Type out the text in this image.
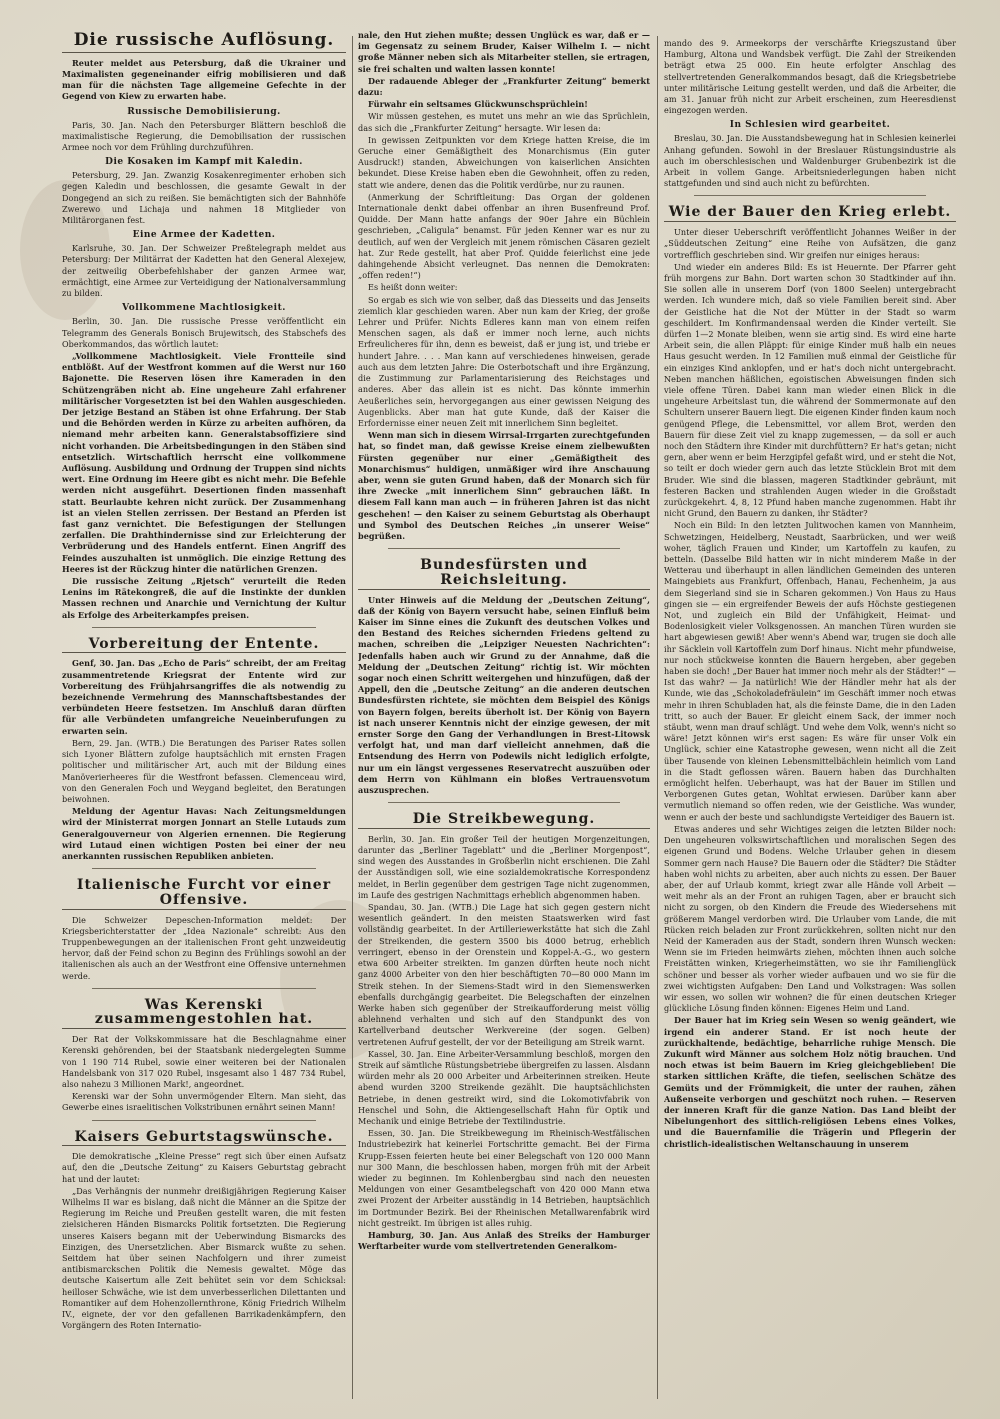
Die russische Auflösung.

Reuter meldet aus Petersburg, daß die Ukrainer und Maximalisten gegeneinander eifrig mobilisieren und daß man für die nächsten Tage allgemeine Gefechte in der Gegend von Kiew zu erwarten habe.

Russische Demobilisierung.

Paris, 30. Jan. Nach den Petersburger Blättern beschloß die maximalistische Regierung, die Demobilisation der russischen Armee noch vor dem Frühling durchzuführen.

Die Kosaken im Kampf mit Kaledin.

Petersburg, 29. Jan. Zwanzig Kosakenregimenter erhoben sich gegen Kaledin und beschlossen, die gesamte Gewalt in der Dongegend an sich zu reißen. Sie bemächtigten sich der Bahnhöfe Zwerewo und Lichaja und nahmen 18 Mitglieder von Militärorganen fest.

Eine Armee der Kadetten.

Karlsruhe, 30. Jan. Der Schweizer Preßtelegraph meldet aus Petersburg: Der Militärrat der Kadetten hat den General Alexejew, der zeitweilig Oberbefehlshaber der ganzen Armee war, ermächtigt, eine Armee zur Verteidigung der Nationalversammlung zu bilden.

Vollkommene Machtlosigkeit.

Berlin, 30. Jan. Die russische Presse veröffentlicht ein Telegramm des Generals Bonisch Brujewitsch, des Stabschefs des Oberkommandos, das wörtlich lautet:

„Vollkommene Machtlosigkeit. Viele Frontteile sind entblößt. Auf der Westfront kommen auf die Werst nur 160 Bajonette. Die Reserven lösen ihre Kameraden in den Schützengräben nicht ab. Eine ungeheure Zahl erfahrener militärischer Vorgesetzten ist bei den Wahlen ausgeschieden. Der jetzige Bestand an Stäben ist ohne Erfahrung. Der Stab und die Behörden werden in Kürze zu arbeiten aufhören, da niemand mehr arbeiten kann. Generalstabsoffiziere sind nicht vorhanden. Die Arbeitsbedingungen in den Stäben sind entsetzlich. Wirtschaftlich herrscht eine vollkommene Auflösung. Ausbildung und Ordnung der Truppen sind nichts wert. Eine Ordnung im Heere gibt es nicht mehr. Die Befehle werden nicht ausgeführt. Desertionen finden massenhaft statt. Beurlaubte kehren nicht zurück. Der Zusammenhang ist an vielen Stellen zerrissen. Der Bestand an Pferden ist fast ganz vernichtet. Die Befestigungen der Stellungen zerfallen. Die Drahthindernisse sind zur Erleichterung der Verbrüderung und des Handels entfernt. Einen Angriff des Feindes auszuhalten ist unmöglich. Die einzige Rettung des Heeres ist der Rückzug hinter die natürlichen Grenzen.

Die russische Zeitung „Rjetsch“ verurteilt die Reden Lenins im Rätekongreß, die auf die Instinkte der dunklen Massen rechnen und Anarchie und Vernichtung der Kultur als Erfolge des Arbeiterkampfes preisen.

Vorbereitung der Entente.

Genf, 30. Jan. Das „Echo de Paris“ schreibt, der am Freitag zusammentretende Kriegsrat der Entente wird zur Vorbereitung des Frühjahrsangriffes die als notwendig zu bezeichnende Vermehrung des Mannschaftsbestandes der verbündeten Heere festsetzen. Im Anschluß daran dürften für alle Verbündeten umfangreiche Neueinberufungen zu erwarten sein.

Bern, 29. Jan. (WTB.) Die Beratungen des Pariser Rates sollen sich Lyoner Blättern zufolge hauptsächlich mit ernsten Fragen politischer und militärischer Art, auch mit der Bildung eines Manöverierheeres für die Westfront befassen. Clemenceau wird, von den Generalen Foch und Weygand begleitet, den Beratungen beiwohnen.

Meldung der Agentur Havas: Nach Zeitungsmeldungen wird der Ministerrat morgen Jonnart an Stelle Lutauds zum Generalgouverneur von Algerien ernennen. Die Regierung wird Lutaud einen wichtigen Posten bei einer der neu anerkannten russischen Republiken anbieten.

Italienische Furcht vor einer Offensive.

Die Schweizer Depeschen-Information meldet: Der Kriegsberichterstatter der „Idea Nazionale“ schreibt: Aus den Truppenbewegungen an der italienischen Front geht unzweideutig hervor, daß der Feind schon zu Beginn des Frühlings sowohl an der italienischen als auch an der Westfront eine Offensive unternehmen werde.

Was Kerenski zusammengestohlen hat.

Der Rat der Volkskommissare hat die Beschlagnahme einer Kerenski gehörenden, bei der Staatsbank niedergelegten Summe von 1 190 714 Rubel, sowie einer weiteren bei der Nationalen Handelsbank von 317 020 Rubel, insgesamt also 1 487 734 Rubel, also nahezu 3 Millionen Mark!, angeordnet.

Kerenski war der Sohn unvermögender Eltern. Man sieht, das Gewerbe eines israelitischen Volkstribunen ernährt seinen Mann!

Kaisers Geburtstagswünsche.

Die demokratische „Kleine Presse“ regt sich über einen Aufsatz auf, den die „Deutsche Zeitung“ zu Kaisers Geburtstag gebracht hat und der lautet:

„Das Verhängnis der nunmehr dreißigjährigen Regierung Kaiser Wilhelms II war es bislang, daß nicht die Männer an die Spitze der Regierung im Reiche und Preußen gestellt waren, die mit festen zielsicheren Händen Bismarcks Politik fortsetzten. Die Regierung unseres Kaisers begann mit der Ueberwindung Bismarcks des Einzigen, des Unersetzlichen. Aber Bismarck wußte zu sehen. Seitdem hat über seinen Nachfolgern und ihrer zumeist antibismarckschen Politik die Nemesis gewaltet. Möge das deutsche Kaisertum alle Zeit behütet sein vor dem Schicksal: heilloser Schwäche, wie ist dem unverbesserlichen Dilettanten und Romantiker auf dem Hohenzollernthrone, König Friedrich Wilhelm IV., eignete, der vor den gefallenen Barrikadenkämpfern, den Vorgängern des Roten Internatio-

nale, den Hut ziehen mußte; dessen Unglück es war, daß er — im Gegensatz zu seinem Bruder, Kaiser Wilhelm I. — nicht große Männer neben sich als Mitarbeiter stellen, sie ertragen, sie frei schalten und walten lassen konnte!

Der radauende Ableger der „Frankfurter Zeitung“ bemerkt dazu:

Fürwahr ein seltsames Glückwunschsprüchlein!

Wir müssen gestehen, es mutet uns mehr an wie das Sprüchlein, das sich die „Frankfurter Zeitung“ hersagte. Wir lesen da:

In gewissen Zeitpunkten vor dem Kriege hatten Kreise, die im Geruche einer Gemäßigtheit des Monarchismus (Ein guter Ausdruck!) standen, Abweichungen von kaiserlichen Ansichten bekundet. Diese Kreise haben eben die Gewohnheit, offen zu reden, statt wie andere, denen das die Politik verdürbe, nur zu raunen.

(Anmerkung der Schriftleitung: Das Organ der goldenen Internationale denkt dabei offenbar an ihren Busenfreund Prof. Quidde. Der Mann hatte anfangs der 90er Jahre ein Büchlein geschrieben, „Caligula“ benamst. Für jeden Kenner war es nur zu deutlich, auf wen der Vergleich mit jenem römischen Cäsaren gezielt hat. Zur Rede gestellt, hat aber Prof. Quidde feierlichst eine jede dahingehende Absicht verleugnet. Das nennen die Demokraten: „offen reden!“)

Es heißt donn weiter:

So ergab es sich wie von selber, daß das Diesseits und das Jenseits ziemlich klar geschieden waren. Aber nun kam der Krieg, der große Lehrer und Prüfer. Nichts Edleres kann man von einem reifen Menschen sagen, als daß er immer noch lerne, auch nichts Erfreulicheres für ihn, denn es beweist, daß er jung ist, und triebe er hundert Jahre. . . . Man kann auf verschiedenes hinweisen, gerade auch aus dem letzten Jahre: Die Osterbotschaft und ihre Ergänzung, die Zustimmung zur Parlamentarisierung des Reichstages und anderes. Aber das allein ist es nicht. Das könnte immerhin Aeußerliches sein, hervorgegangen aus einer gewissen Neigung des Augenblicks. Aber man hat gute Kunde, daß der Kaiser die Erfordernisse einer neuen Zeit mit innerlichem Sinn begleitet.

Wenn man sich in diesem Wirrsal-Irrgarten zurechtgefunden hat, so findet man, daß gewisse Kreise einem zielbewußten Fürsten gegenüber nur einer „Gemäßigtheit des Monarchismus“ huldigen, unmäßiger wird ihre Anschauung aber, wenn sie guten Grund haben, daß der Monarch sich für ihre Zwecke „mit innerlichem Sinn“ gebrauchen läßt. In diesem Fall kann man auch — in früheren Jahren ist das nicht geschehen! — den Kaiser zu seinem Geburtstag als Oberhaupt und Symbol des Deutschen Reiches „in unserer Weise“ begrüßen.

Bundesfürsten und Reichsleitung.

Unter Hinweis auf die Meldung der „Deutschen Zeitung“, daß der König von Bayern versucht habe, seinen Einfluß beim Kaiser im Sinne eines die Zukunft des deutschen Volkes und den Bestand des Reiches sichernden Friedens geltend zu machen, schreiben die „Leipziger Neuesten Nachrichten“: Jedenfalls haben auch wir Grund zu der Annahme, daß die Meldung der „Deutschen Zeitung“ richtig ist. Wir möchten sogar noch einen Schritt weitergehen und hinzufügen, daß der Appell, den die „Deutsche Zeitung“ an die anderen deutschen Bundesfürsten richtete, sie möchten dem Beispiel des Königs von Bayern folgen, bereits überholt ist. Der König von Bayern ist nach unserer Kenntnis nicht der einzige gewesen, der mit ernster Sorge den Gang der Verhandlungen in Brest-Litowsk verfolgt hat, und man darf vielleicht annehmen, daß die Entsendung des Herrn von Podewils nicht lediglich erfolgte, nur um ein längst vergessenes Reservatrecht auszuüben oder dem Herrn von Kühlmann ein bloßes Vertrauensvotum auszusprechen.

Die Streikbewegung.

Berlin, 30. Jan. Ein großer Teil der heutigen Morgenzeitungen, darunter das „Berliner Tageblatt“ und die „Berliner Morgenpost“, sind wegen des Ausstandes in Großberlin nicht erschienen. Die Zahl der Ausständigen soll, wie eine sozialdemokratische Korrespondenz meldet, in Berlin gegenüber dem gestrigen Tage nicht zugenommen, im Laufe des gestrigen Nachmittags erheblich abgenommen haben.

Spandau, 30. Jan. (WTB.) Die Lage hat sich gegen gestern nicht wesentlich geändert. In den meisten Staatswerken wird fast vollständig gearbeitet. In der Artilleriewerkstätte hat sich die Zahl der Streikenden, die gestern 3500 bis 4000 betrug, erheblich verringert, ebenso in der Orenstein und Koppel-A.-G., wo gestern etwa 600 Arbeiter streikten. Im ganzen dürften heute noch nicht ganz 4000 Arbeiter von den hier beschäftigten 70—80 000 Mann im Streik stehen. In der Siemens-Stadt wird in den Siemenswerken ebenfalls durchgängig gearbeitet. Die Belegschaften der einzelnen Werke haben sich gegenüber der Streikaufforderung meist völlig ablehnend verhalten und sich auf den Standpunkt des von Kartellverband deutscher Werkvereine (der sogen. Gelben) vertretenen Aufruf gestellt, der vor der Beteiligung am Streik warnt.

Kassel, 30. Jan. Eine Arbeiter-Versammlung beschloß, morgen den Streik auf sämtliche Rüstungsbetriebe übergreifen zu lassen. Alsdann würden mehr als 20 000 Arbeiter und Arbeiterinnen streiken. Heute abend wurden 3200 Streikende gezählt. Die hauptsächlichsten Betriebe, in denen gestreikt wird, sind die Lokomotivfabrik von Henschel und Sohn, die Aktiengesellschaft Hahn für Optik und Mechanik und einige Betriebe der Textilindustrie.

Essen, 30. Jan. Die Streikbewegung im Rheinisch-Westfälischen Industriebezirk hat keinerlei Fortschritte gemacht. Bei der Firma Krupp-Essen feierten heute bei einer Belegschaft von 120 000 Mann nur 300 Mann, die beschlossen haben, morgen früh mit der Arbeit wieder zu beginnen. Im Kohlenbergbau sind nach den neuesten Meldungen von einer Gesamtbelegschaft von 420 000 Mann etwa zwei Prozent der Arbeiter ausständig in 14 Betrieben, hauptsächlich im Dortmunder Bezirk. Bei der Rheinischen Metallwarenfabrik wird nicht gestreikt. Im übrigen ist alles ruhig.

Hamburg, 30. Jan. Aus Anlaß des Streiks der Hamburger Werftarbeiter wurde vom stellvertretenden Generalkom-

mando des 9. Armeekorps der verschärfte Kriegszustand über Hamburg, Altona und Wandsbek verfügt. Die Zahl der Streikenden beträgt etwa 25 000. Ein heute erfolgter Anschlag des stellvertretenden Generalkommandos besagt, daß die Kriegsbetriebe unter militärische Leitung gestellt werden, und daß die Arbeiter, die am 31. Januar früh nicht zur Arbeit erscheinen, zum Heeresdienst eingezogen werden.

In Schlesien wird gearbeitet.

Breslau, 30. Jan. Die Ausstandsbewegung hat in Schlesien keinerlei Anhang gefunden. Sowohl in der Breslauer Rüstungsindustrie als auch im oberschlesischen und Waldenburger Grubenbezirk ist die Arbeit in vollem Gange. Arbeitsniederlegungen haben nicht stattgefunden und sind auch nicht zu befürchten.

Wie der Bauer den Krieg erlebt.

Unter dieser Ueberschrift veröffentlicht Johannes Weißer in der „Süddeutschen Zeitung“ eine Reihe von Aufsätzen, die ganz vortrefflich geschrieben sind. Wir greifen nur einiges heraus:

Und wieder ein anderes Bild: Es ist Heuernte. Der Pfarrer geht früh morgens zur Bahn. Dort warten schon 30 Stadtkinder auf ihn. Sie sollen alle in unserem Dorf (von 1800 Seelen) untergebracht werden. Ich wundere mich, daß so viele Familien bereit sind. Aber der Geistliche hat die Not der Mütter in der Stadt so warm geschildert. Im Konfirmandensaal werden die Kinder verteilt. Sie dürfen 1—2 Monate bleiben, wenn sie artig sind. Es wird eine harte Arbeit sein, die allen Pläppt: für einige Kinder muß halb ein neues Haus gesucht werden. In 12 Familien muß einmal der Geistliche für ein einziges Kind anklopfen, und er hat's doch nicht untergebracht. Neben manchen häßlichen, egoistischen Abweisungen finden sich viele offene Türen. Dabei kann man wieder einen Blick in die ungeheure Arbeitslast tun, die während der Sommermonate auf den Schultern unserer Bauern liegt. Die eigenen Kinder finden kaum noch genügend Pflege, die Lebensmittel, vor allem Brot, werden den Bauern für diese Zeit viel zu knapp zugemessen, — da soll er auch noch den Städtern ihre Kinder mit durchfüttern? Er hat's getan; nicht gern, aber wenn er beim Herzgipfel gefaßt wird, und er steht die Not, so teilt er doch wieder gern auch das letzte Stücklein Brot mit dem Bruder. Wie sind die blassen, mageren Stadtkinder gebräunt, mit festeren Backen und strahlenden Augen wieder in die Großstadt zurückgekehrt. 4, 8, 12 Pfund haben manche zugenommen. Habt ihr nicht Grund, den Bauern zu danken, ihr Städter?

Noch ein Bild: In den letzten Julitwochen kamen von Mannheim, Schwetzingen, Heidelberg, Neustadt, Saarbrücken, und wer weiß woher, täglich Frauen und Kinder, um Kartoffeln zu kaufen, zu betteln. (Dasselbe Bild hatten wir in nicht minderem Maße in der Wetterau und überhaupt in allen ländlichen Gemeinden des unteren Maingebiets aus Frankfurt, Offenbach, Hanau, Fechenheim, ja aus dem Siegerland sind sie in Scharen gekommen.) Von Haus zu Haus gingen sie — ein ergreifender Beweis der aufs Höchste gestiegenen Not, und zugleich ein Bild der Unfähigkeit, Heimat- und Bodenlosigkeit vieler Volksgenossen. An manchen Türen wurden sie hart abgewiesen gewiß! Aber wenn's Abend war, trugen sie doch alle ihr Säcklein voll Kartoffeln zum Dorf hinaus. Nicht mehr pfundweise, nur noch stückweise konnten die Bauern hergeben, aber gegeben haben sie doch! „Der Bauer hat immer noch mehr als der Städter!“ — Ist das wahr? — Ja natürlich! Wie der Händler mehr hat als der Kunde, wie das „Schokoladefräulein“ im Geschäft immer noch etwas mehr in ihren Schubladen hat, als die feinste Dame, die in den Laden tritt, so auch der Bauer. Er gleicht einem Sack, der immer noch stäubt, wenn man drauf schlägt. Und wehe dem Volk, wenn's nicht so wäre! Jetzt können wir's erst sagen: Es wäre für unser Volk ein Unglück, schier eine Katastrophe gewesen, wenn nicht all die Zeit über Tausende von kleinen Lebensmittelbächlein heimlich vom Land in die Stadt geflossen wären. Bauern haben das Durchhalten ermöglicht helfen. Ueberhaupt, was hat der Bauer im Stillen und Verborgenen Gutes getan, Wohltat erwiesen. Darüber kann aber vermutlich niemand so offen reden, wie der Geistliche. Was wunder, wenn er auch der beste und sachlundigste Verteidiger des Bauern ist.

Etwas anderes und sehr Wichtiges zeigen die letzten Bilder noch: Den ungeheuren volkswirtschaftlichen und moralischen Segen des eigenen Grund und Bodens. Welche Urlauber gehen in diesem Sommer gern nach Hause? Die Bauern oder die Städter? Die Städter haben wohl nichts zu arbeiten, aber auch nichts zu essen. Der Bauer aber, der auf Urlaub kommt, kriegt zwar alle Hände voll Arbeit — weit mehr als an der Front an ruhigen Tagen, aber er braucht sich nicht zu sorgen, ob den Kindern die Freude des Wiedersehens mit größerem Mangel verdorben wird. Die Urlauber vom Lande, die mit Rücken reich beladen zur Front zurückkehren, sollten nicht nur den Neid der Kameraden aus der Stadt, sondern ihren Wunsch wecken: Wenn sie im Frieden heimwärts ziehen, möchten ihnen auch solche Freistätten winken, Kriegerheimstätten, wo sie ihr Familienglück schöner und besser als vorher wieder aufbauen und wo sie für die zwei wichtigsten Aufgaben: Den Land und Volkstragen: Was sollen wir essen, wo sollen wir wohnen? die für einen deutschen Krieger glückliche Lösung finden können: Eigenes Heim und Land.

Der Bauer hat im Krieg sein Wesen so wenig geändert, wie irgend ein anderer Stand. Er ist noch heute der zurückhaltende, bedächtige, beharrliche ruhige Mensch. Die Zukunft wird Männer aus solchem Holz nötig brauchen. Und noch etwas ist beim Bauern im Krieg gleichgeblieben! Die starken sittlichen Kräfte, die tiefen, seelischen Schätze des Gemüts und der Frömmigkeit, die unter der rauhen, zähen Außenseite verborgen und geschützt noch ruhen. — Reserven der inneren Kraft für die ganze Nation. Das Land bleibt der Nibelungenhort des sittlich-religiösen Lebens eines Volkes, und die Bauernfamilie die Trägerin und Pflegerin der christlich-idealistischen Weltanschauung in unserem
